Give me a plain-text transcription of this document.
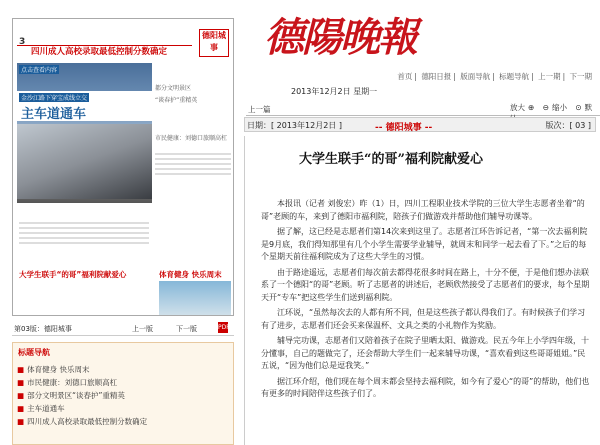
3
四川成人高校录取最低控制分数确定
德阳城事
点击查看内容
金沙江路下穿宝成线立交
主车道通车
都分文明景区
“谈春护”重精英
市民健康：刘德口旅顺高杠
大学生联手“的哥”福利院献爱心	体育健身 快乐周末
第03版：德阳城事	上一版	下一版	PDF
标题导航
■ 体育健身 快乐周末
■ 市民健康：刘德口旅顺高杠
■ 部分文明景区“谈春护”重精英
■ 主车道通车
■ 四川成人高校录取最低控制分数确定
德陽晚報
首页 | 德阳日报 | 版面导航 | 标题导航 | 上一期 | 下一期
2013年12月2日 星期一
上一篇	放大 ⊕ ⊖ 缩小 ⊙ 默
日期：[ 2013年12月2日 ]	-- 德阳城事 --	版次：[ 03 ]
大学生联手“的哥”福利院献爱心

本报讯（记者 刘俊宏）昨（1）日，四川工程职业技术学院的三位大学生志愿者坐着“的哥”老顾的车，来到了德阳市福利院，陪孩子们做游戏并帮助他们辅导功课等。

据了解，这已经是志愿者们第14次来到这里了。志愿者江环告诉记者，“第一次去福利院是9月底，我们得知那里有几个小学生需要学业辅导，就周末和同学一起去看了下。”之后的每个星期天前往福利院成为了这些大学生的习惯。

由于路途遥远，志愿者们每次前去都得花很多时间在路上，十分不便，于是他们想办法联系了一个德阳“的哥”老顾。听了志愿者的讲述后，老顾欣然接受了志愿者们的要求，每个星期天开“专车”把这些学生们送到福利院。

江环说，“虽然每次去的人都有所不同，但是这些孩子都认得我们了。有时候孩子们学习有了进步，志愿者们还会买来保温杯、文具之类的小礼物作为奖励。

辅导完功课，志愿者们又陪着孩子在院子里晒太阳、做游戏。民五今年上小学四年级，十分懂事，自己的题做完了，还会帮助大学生们一起来辅导功课，“喜欢看到这些哥哥姐姐。”民五说，“因为他们总是逗我笑。”

据江环介绍，他们现在每个周末都会坚持去福利院，如今有了爱心“的哥”的帮助，他们也有更多的时间陪伴这些孩子们了。
